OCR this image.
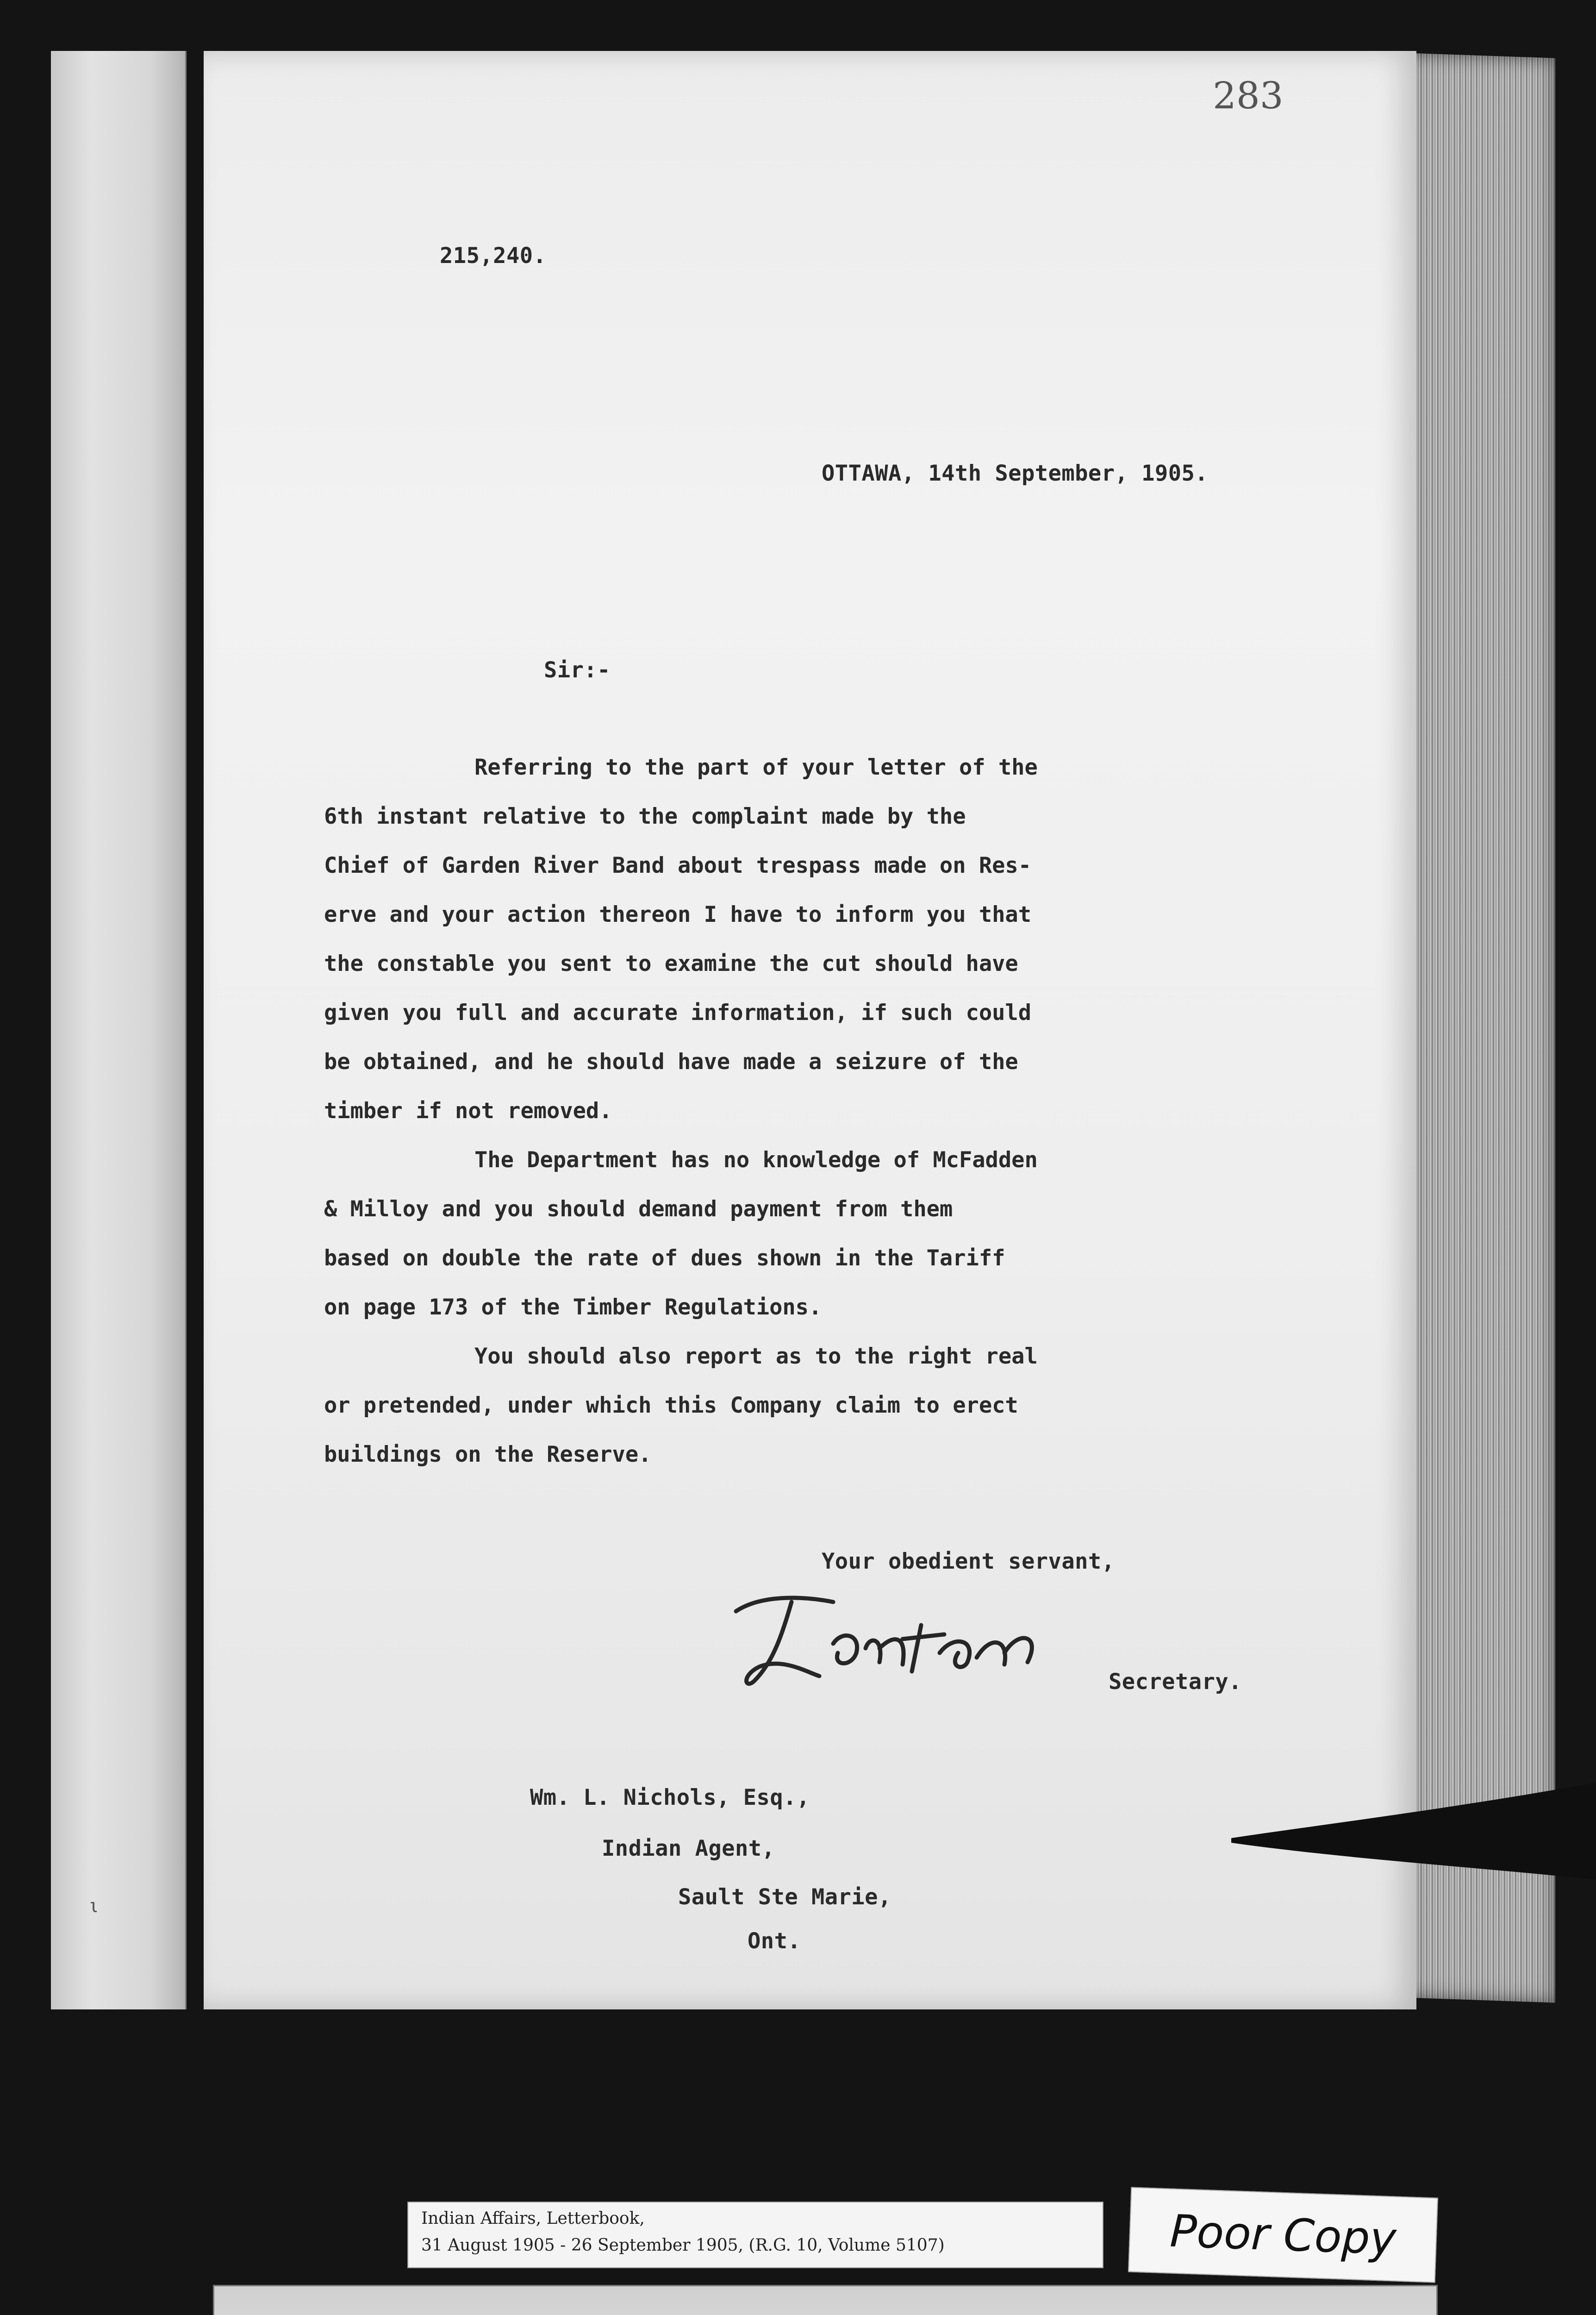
ι
283
215,240.
OTTAWA, 14th September, 1905.
Sir:-
Referring to the part of your letter of the
6th instant relative to the complaint made by the
Chief of Garden River Band about trespass made on Res-
erve and your action thereon I have to inform you that
the constable you sent to examine the cut should have
given you full and accurate information, if such could
be obtained, and he should have made a seizure of the
timber if not removed.
The Department has no knowledge of McFadden
& Milloy and you should demand payment from them
based on double the rate of dues shown in the Tariff
on page 173 of the Timber Regulations.
You should also report as to the right real
or pretended, under which this Company claim to erect
buildings on the Reserve.
Your obedient servant,
Secretary.
Wm. L. Nichols, Esq.,
Indian Agent,
Sault Ste Marie,
Ont.
Indian Affairs, Letterbook,
31 August 1905 - 26 September 1905, (R.G. 10, Volume 5107)	Poor Copy
